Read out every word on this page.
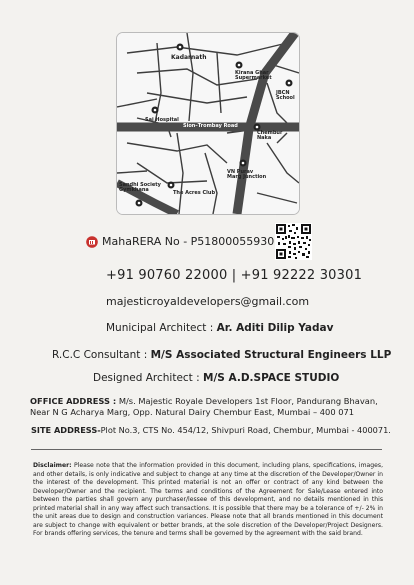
Kadarnath
Kirana Ghar Supermarket
JBCN School
Sai Hospital
Sion–Trombay Road
Chembur Naka
VN Purav Marg Junction
Sandhi Society Gymkhana	The Acres Club
MahaRERA No - P51800055930
+91 90760 22000 | +91 92222 30301
majesticroyaldevelopers@gmail.com
Municipal Architect : Ar. Aditi Dilip Yadav
R.C.C Consultant : M/S Associated Structural Engineers LLP
Designed Architect : M/S A.D.SPACE STUDIO
OFFICE ADDRESS : M/s. Majestic Royale Developers 1st Floor, Pandurang Bhavan, Near N G Acharya Marg, Opp. Natural Dairy Chembur East, Mumbai – 400 071
SITE ADDRESS-Plot No.3, CTS No. 454/12, Shivpuri Road, Chembur, Mumbai - 400071.
Disclaimer: Please note that the information provided in this document, including plans, specifications, images, and other details, is only indicative and subject to change at any time at the discretion of the Developer/Owner in the interest of the development. This printed material is not an offer or contract of any kind between the Developer/Owner and the recipient. The terms and conditions of the Agreement for Sale/Lease entered into between the parties shall govern any purchaser/lessee of this development, and no details mentioned in this printed material shall in any way affect such transactions. It is possible that there may be a tolerance of +/- 2% in the unit areas due to design and construction variances. Please note that all brands mentioned in this document are subject to change with equivalent or better brands, at the sole discretion of the Developer/Project Designers. For brands offering services, the tenure and terms shall be governed by the agreement with the said brand.
